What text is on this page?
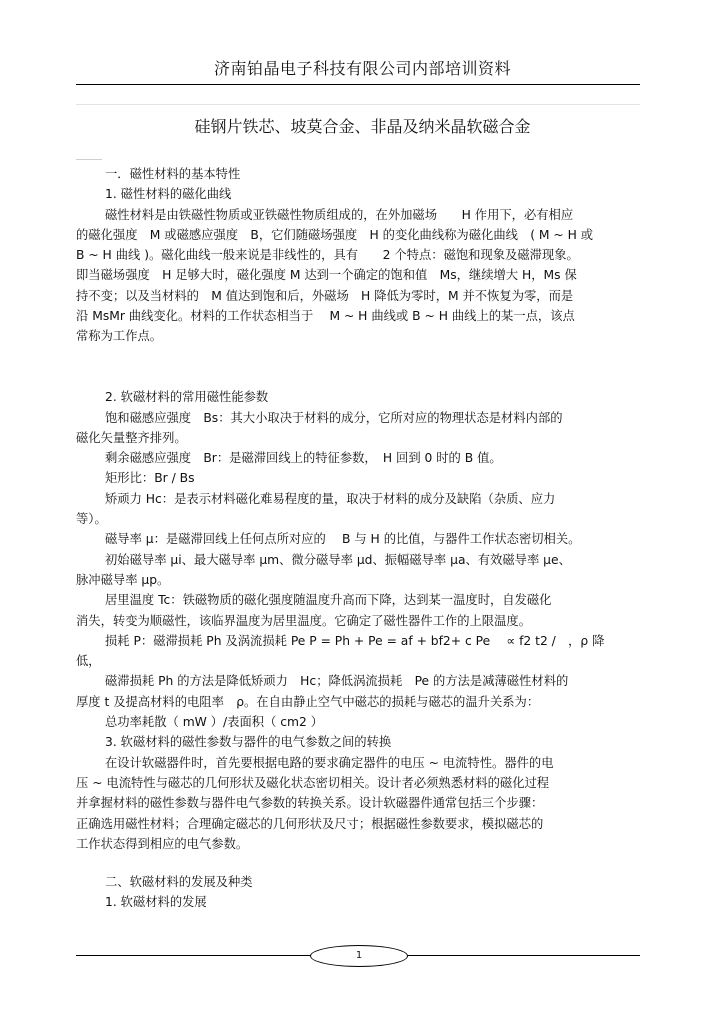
济南铂晶电子科技有限公司内部培训资料
硅钢片铁芯、坡莫合金、非晶及纳米晶软磁合金
一．磁性材料的基本特性
1. 磁性材料的磁化曲线
磁性材料是由铁磁性物质或亚铁磁性物质组成的，在外加磁场　　H 作用下，必有相应
的磁化强度　M 或磁感应强度　B，它们随磁场强度　H 的变化曲线称为磁化曲线　( M ~ H 或
B ~ H 曲线 )。磁化曲线一般来说是非线性的，具有　　2 个特点：磁饱和现象及磁滞现象。
即当磁场强度　H 足够大时，磁化强度 M 达到一个确定的饱和值　Ms，继续增大 H，Ms 保
持不变；以及当材料的　M 值达到饱和后，外磁场　H 降低为零时，M 并不恢复为零，而是
沿 MsMr 曲线变化。材料的工作状态相当于　 M ~ H 曲线或 B ~ H 曲线上的某一点，该点
常称为工作点。
2. 软磁材料的常用磁性能参数
饱和磁感应强度　Bs：其大小取决于材料的成分，它所对应的物理状态是材料内部的
磁化矢量整齐排列。
剩余磁感应强度　Br：是磁滞回线上的特征参数，　H 回到 0 时的 B 值。
矩形比：Br / Bs
矫顽力 Hc：是表示材料磁化难易程度的量，取决于材料的成分及缺陷（杂质、应力
等）。
磁导率 μ：是磁滞回线上任何点所对应的　 B 与 H 的比值，与器件工作状态密切相关。
初始磁导率 μi、最大磁导率 μm、微分磁导率 μd、振幅磁导率 μa、有效磁导率 μe、
脉冲磁导率 μp。
居里温度 Tc：铁磁物质的磁化强度随温度升高而下降，达到某一温度时，自发磁化
消失，转变为顺磁性，该临界温度为居里温度。它确定了磁性器件工作的上限温度。
损耗 P：磁滞损耗 Ph 及涡流损耗 Pe P = Ph + Pe = af + bf2+ c Pe　 ∝ f2 t2 /　，ρ 降
低，
磁滞损耗 Ph 的方法是降低矫顽力　Hc；降低涡流损耗　Pe 的方法是减薄磁性材料的
厚度 t 及提高材料的电阻率　ρ。在自由静止空气中磁芯的损耗与磁芯的温升关系为：
总功率耗散（ mW ）/表面积（ cm2 ）
3. 软磁材料的磁性参数与器件的电气参数之间的转换
在设计软磁器件时，首先要根据电路的要求确定器件的电压 ~ 电流特性。器件的电
压 ~ 电流特性与磁芯的几何形状及磁化状态密切相关。设计者必须熟悉材料的磁化过程
并拿握材料的磁性参数与器件电气参数的转换关系。设计软磁器件通常包括三个步骤：
正确选用磁性材料；合理确定磁芯的几何形状及尺寸；根据磁性参数要求，模拟磁芯的
工作状态得到相应的电气参数。
二、软磁材料的发展及种类
1. 软磁材料的发展
1
